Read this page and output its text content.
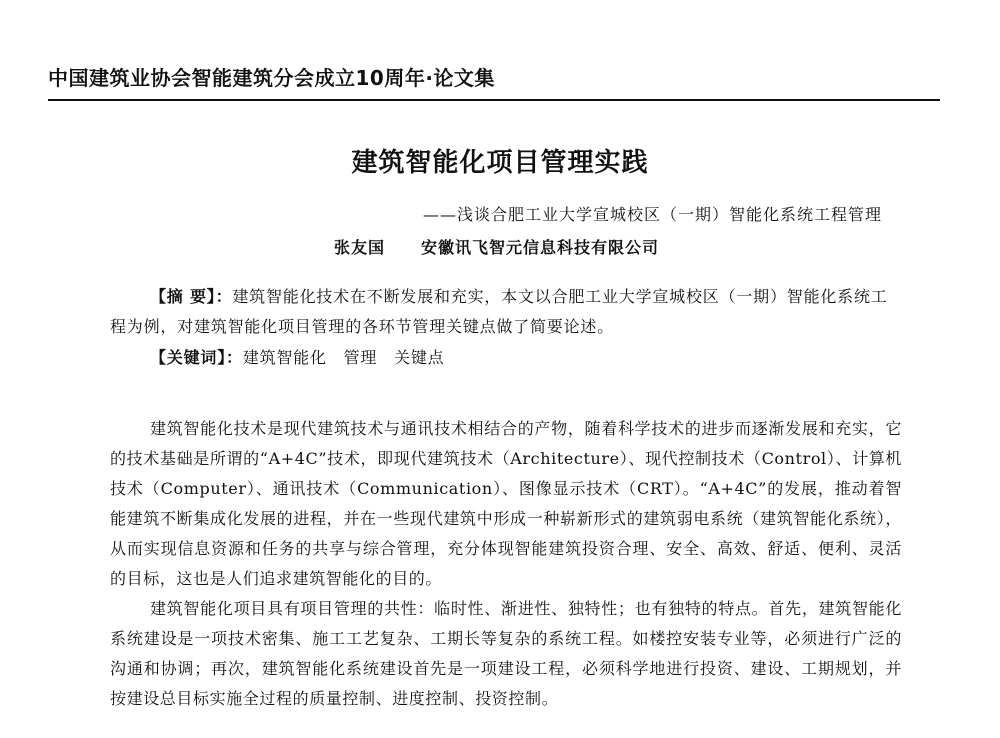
中国建筑业协会智能建筑分会成立10周年·论文集
建筑智能化项目管理实践
——浅谈合肥工业大学宣城校区（一期）智能化系统工程管理
张友国 安徽讯飞智元信息科技有限公司
【摘 要】：建筑智能化技术在不断发展和充实，本文以合肥工业大学宣城校区（一期）智能化系统工程为例，对建筑智能化项目管理的各环节管理关键点做了简要论述。
【关键词】：建筑智能化　管理　关键点

建筑智能化技术是现代建筑技术与通讯技术相结合的产物，随着科学技术的进步而逐渐发展和充实，它的技术基础是所谓的“A+4C”技术，即现代建筑技术（Architecture）、现代控制技术（Control）、计算机技术（Computer）、通讯技术（Communication）、图像显示技术（CRT）。“A+4C”的发展，推动着智能建筑不断集成化发展的进程，并在一些现代建筑中形成一种崭新形式的建筑弱电系统（建筑智能化系统），从而实现信息资源和任务的共享与综合管理，充分体现智能建筑投资合理、安全、高效、舒适、便利、灵活的目标，这也是人们追求建筑智能化的目的。

建筑智能化项目具有项目管理的共性：临时性、渐进性、独特性；也有独特的特点。首先，建筑智能化系统建设是一项技术密集、施工工艺复杂、工期长等复杂的系统工程。如楼控安装专业等，必须进行广泛的沟通和协调；再次，建筑智能化系统建设首先是一项建设工程，必须科学地进行投资、建设、工期规划，并按建设总目标实施全过程的质量控制、进度控制、投资控制。
